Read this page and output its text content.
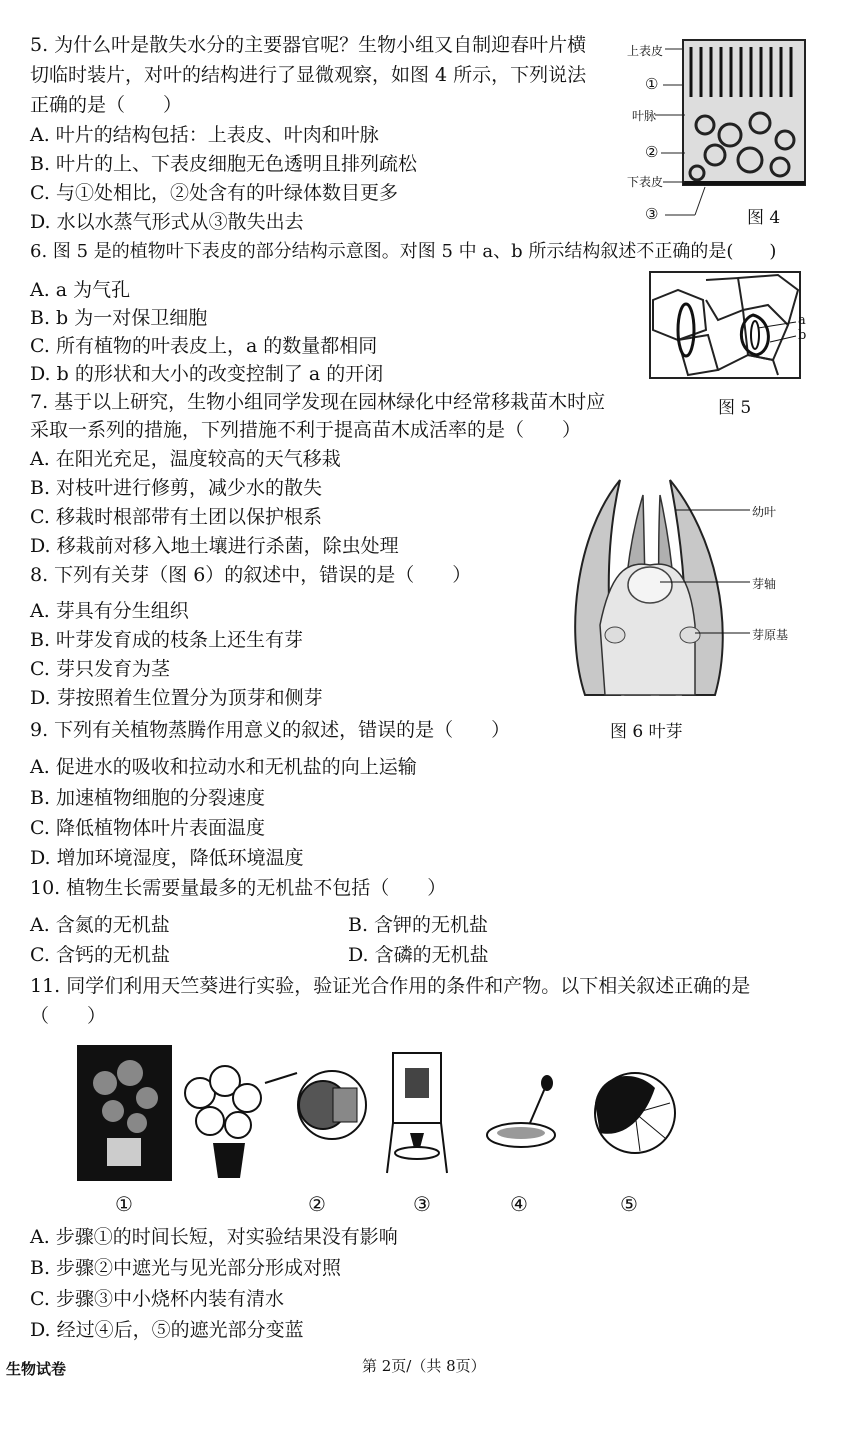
5. 为什么叶是散失水分的主要器官呢？生物小组又自制迎春叶片横
切临时装片，对叶的结构进行了显微观察，如图 4 所示，下列说法
正确的是（　　）
A. 叶片的结构包括：上表皮、叶肉和叶脉
B. 叶片的上、下表皮细胞无色透明且排列疏松
C. 与①处相比，②处含有的叶绿体数目更多
D. 水以水蒸气形式从③散失出去
上表皮
①
叶脉
②
下表皮
③	图 4
6. 图 5 是的植物叶下表皮的部分结构示意图。对图 5 中 a、b 所示结构叙述不正确的是(　　)
A. a 为气孔
B. b 为一对保卫细胞
C. 所有植物的叶表皮上，a 的数量都相同
D. b 的形状和大小的改变控制了 a 的开闭
a
b
图 5
7. 基于以上研究，生物小组同学发现在园林绿化中经常移栽苗木时应
采取一系列的措施，下列措施不利于提高苗木成活率的是（　　）
A. 在阳光充足，温度较高的天气移栽
B. 对枝叶进行修剪，减少水的散失
C. 移栽时根部带有土团以保护根系
D. 移栽前对移入地土壤进行杀菌，除虫处理
幼叶
芽轴
芽原基
图 6 叶芽
8. 下列有关芽（图 6）的叙述中，错误的是（　　）
A. 芽具有分生组织
B. 叶芽发育成的枝条上还生有芽
C. 芽只发育为茎
D. 芽按照着生位置分为顶芽和侧芽
9. 下列有关植物蒸腾作用意义的叙述，错误的是（　　）
A. 促进水的吸收和拉动水和无机盐的向上运输
B. 加速植物细胞的分裂速度
C. 降低植物体叶片表面温度
D. 增加环境湿度，降低环境温度
10. 植物生长需要量最多的无机盐不包括（　　）
A. 含氮的无机盐	B. 含钾的无机盐
C. 含钙的无机盐	D. 含磷的无机盐
11. 同学们利用天竺葵进行实验，验证光合作用的条件和产物。以下相关叙述正确的是
（　　）
①	②	③	④	⑤
A. 步骤①的时间长短，对实验结果没有影响
B. 步骤②中遮光与见光部分形成对照
C. 步骤③中小烧杯内装有清水
D. 经过④后，⑤的遮光部分变蓝
生物试卷	第 2页/（共 8页）
